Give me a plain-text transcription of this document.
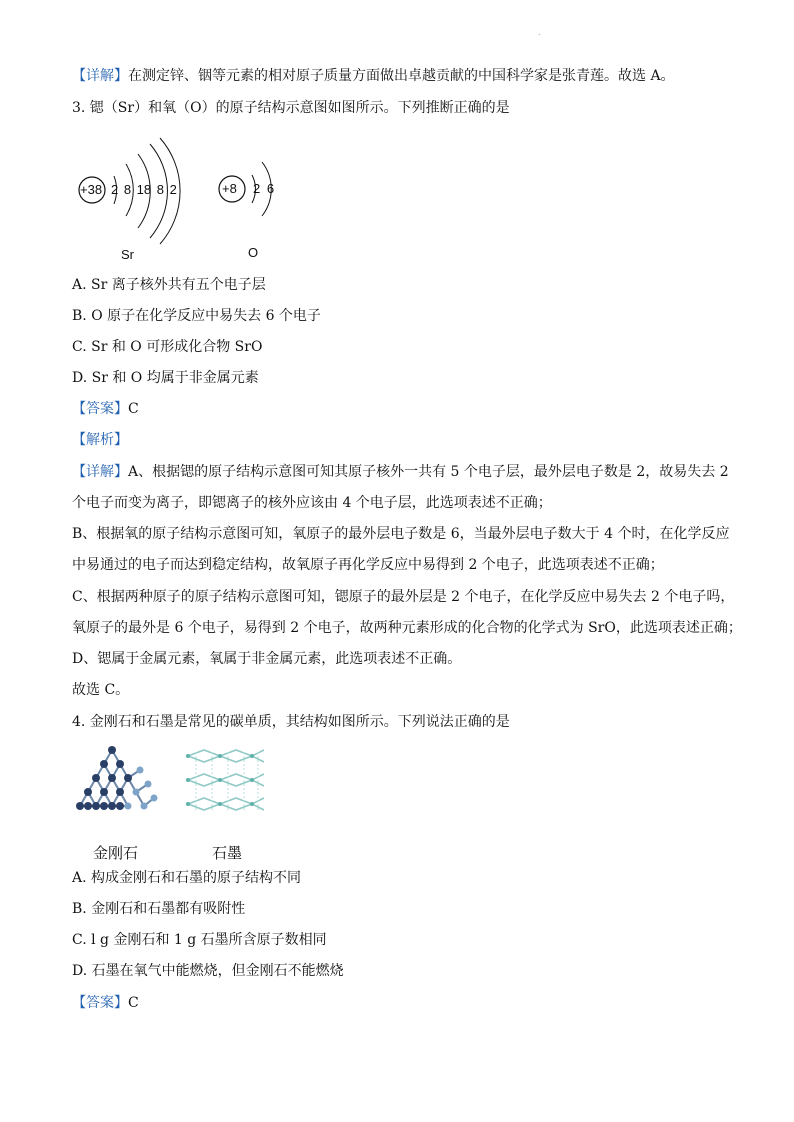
.
【详解】在测定锌、铟等元素的相对原子质量方面做出卓越贡献的中国科学家是张青莲。故选 A。
3. 锶（Sr）和氧（O）的原子结构示意图如图所示。下列推断正确的是
+38 2 8 18 8 2
Sr
+8 2 6
O
A. Sr 离子核外共有五个电子层
B. O 原子在化学反应中易失去 6 个电子
C. Sr 和 O 可形成化合物 SrO
D. Sr 和 O 均属于非金属元素
【答案】C
【解析】
【详解】A、根据锶的原子结构示意图可知其原子核外一共有 5 个电子层，最外层电子数是 2，故易失去 2
个电子而变为离子，即锶离子的核外应该由 4 个电子层，此选项表述不正确；
B、根据氧的原子结构示意图可知，氧原子的最外层电子数是 6，当最外层电子数大于 4 个时，在化学反应
中易通过的电子而达到稳定结构，故氧原子再化学反应中易得到 2 个电子，此选项表述不正确；
C、根据两种原子的原子结构示意图可知，锶原子的最外层是 2 个电子，在化学反应中易失去 2 个电子吗，
氧原子的最外是 6 个电子，易得到 2 个电子，故两种元素形成的化合物的化学式为 SrO，此选项表述正确；
D、锶属于金属元素，氧属于非金属元素，此选项表述不正确。
故选 C。
4. 金刚石和石墨是常见的碳单质，其结构如图所示。下列说法正确的是
金刚石	石墨
A. 构成金刚石和石墨的原子结构不同
B. 金刚石和石墨都有吸附性
C. l g 金刚石和 1 g 石墨所含原子数相同
D. 石墨在氧气中能燃烧，但金刚石不能燃烧
【答案】C
